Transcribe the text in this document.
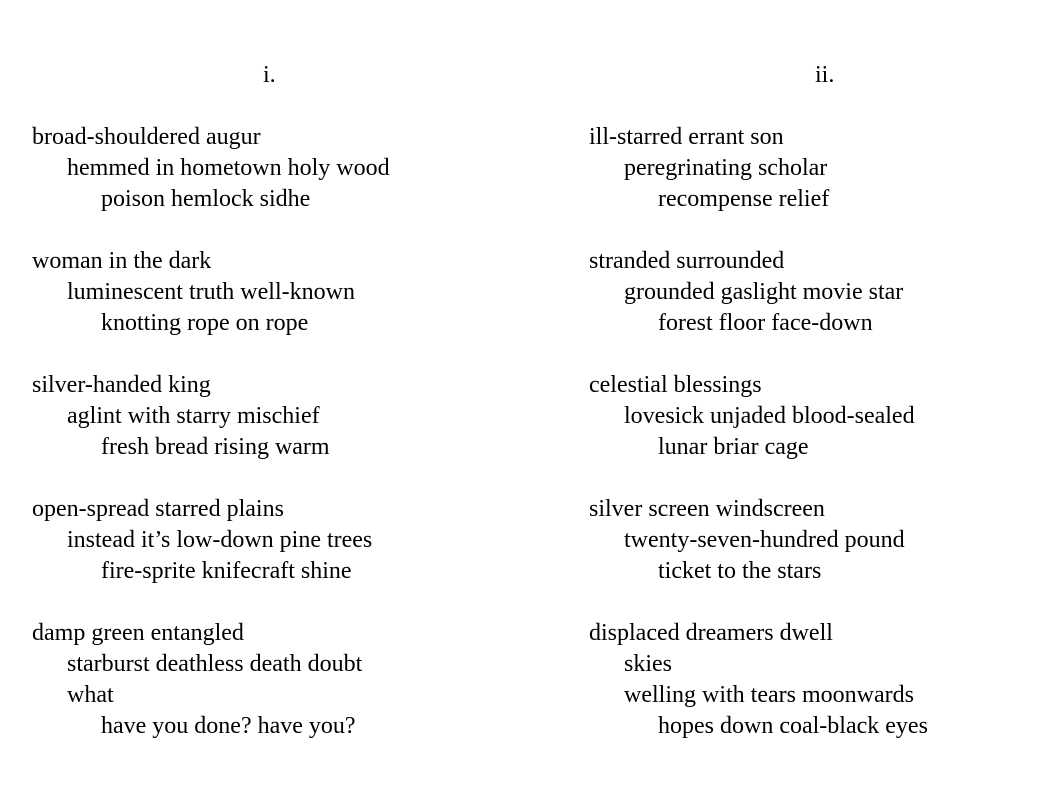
i.
broad-shouldered augur
hemmed in hometown holy wood
poison hemlock sidhe
woman in the dark
luminescent truth well-known
knotting rope on rope
silver-handed king
aglint with starry mischief
fresh bread rising warm
open-spread starred plains
instead it’s low-down pine trees
fire-sprite knifecraft shine
damp green entangled
starburst deathless death doubt
what
have you done? have you?
ii.
ill-starred errant son
peregrinating scholar
recompense relief
stranded surrounded
grounded gaslight movie star
forest floor face-down
celestial blessings
lovesick unjaded blood-sealed
lunar briar cage
silver screen windscreen
twenty-seven-hundred pound
ticket to the stars
displaced dreamers dwell
skies
welling with tears moonwards
hopes down coal-black eyes
